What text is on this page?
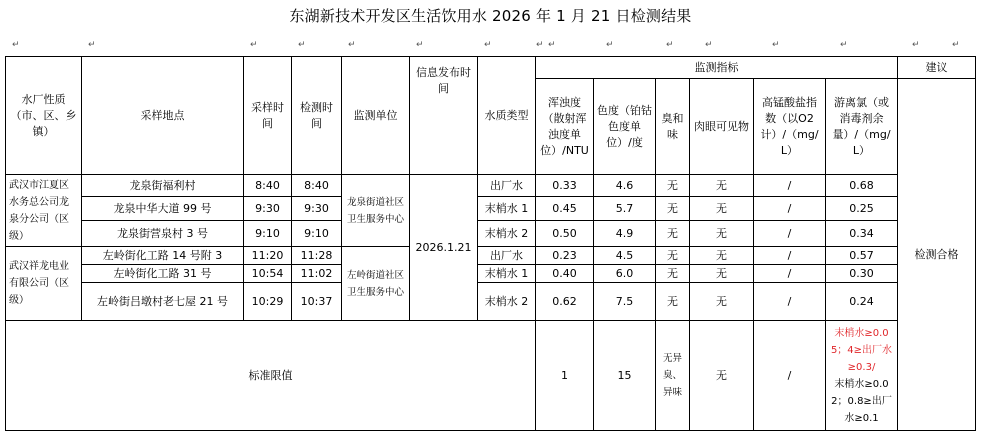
东湖新技术开发区生活饮用水 2026 年 1 月 21 日检测结果
↵	↵	↵	↵	↵	↵	↵	↵ ↵	↵	↵	↵	↵	↵	↵	↵
水厂性质（市、区、乡镇）	采样地点	采样时间	检测时间	监测单位	信息发布时间	水质类型	监测指标						建议
							浑浊度（散射浑浊度单位）/NTU	色度（铂钴色度单位）/度	臭和味	肉眼可见物	高锰酸盐指数（以O2计）/（mg/L）	游离氯（或消毒剂余量）/（mg/L）	检测合格
武汉市江夏区水务总公司龙泉分公司（区级）	龙泉街福利村	8:40	8:40	龙泉街道社区卫生服务中心	2026.1.21	出厂水	0.33	4.6	无	无	/	0.68	
	龙泉中华大道 99 号	9:30	9:30			末梢水 1	0.45	5.7	无	无	/	0.25	
	龙泉街营泉村 3 号	9:10	9:10			末梢水 2	0.50	4.9	无	无	/	0.34	
武汉祥龙电业有限公司（区级）	左岭街化工路 14 号附 3	11:20	11:28	左岭街道社区卫生服务中心		出厂水	0.23	4.5	无	无	/	0.57	
	左岭街化工路 31 号	10:54	11:02			末梢水 1	0.40	6.0	无	无	/	0.30	
	左岭街吕墩村老七屋 21 号	10:29	10:37			末梢水 2	0.62	7.5	无	无	/	0.24	
标准限值							1	15	无异臭、异味	无	/	末梢水≥0.05；4≥出厂水≥0.3/
末梢水≥0.02；0.8≥出厂水≥0.1	
